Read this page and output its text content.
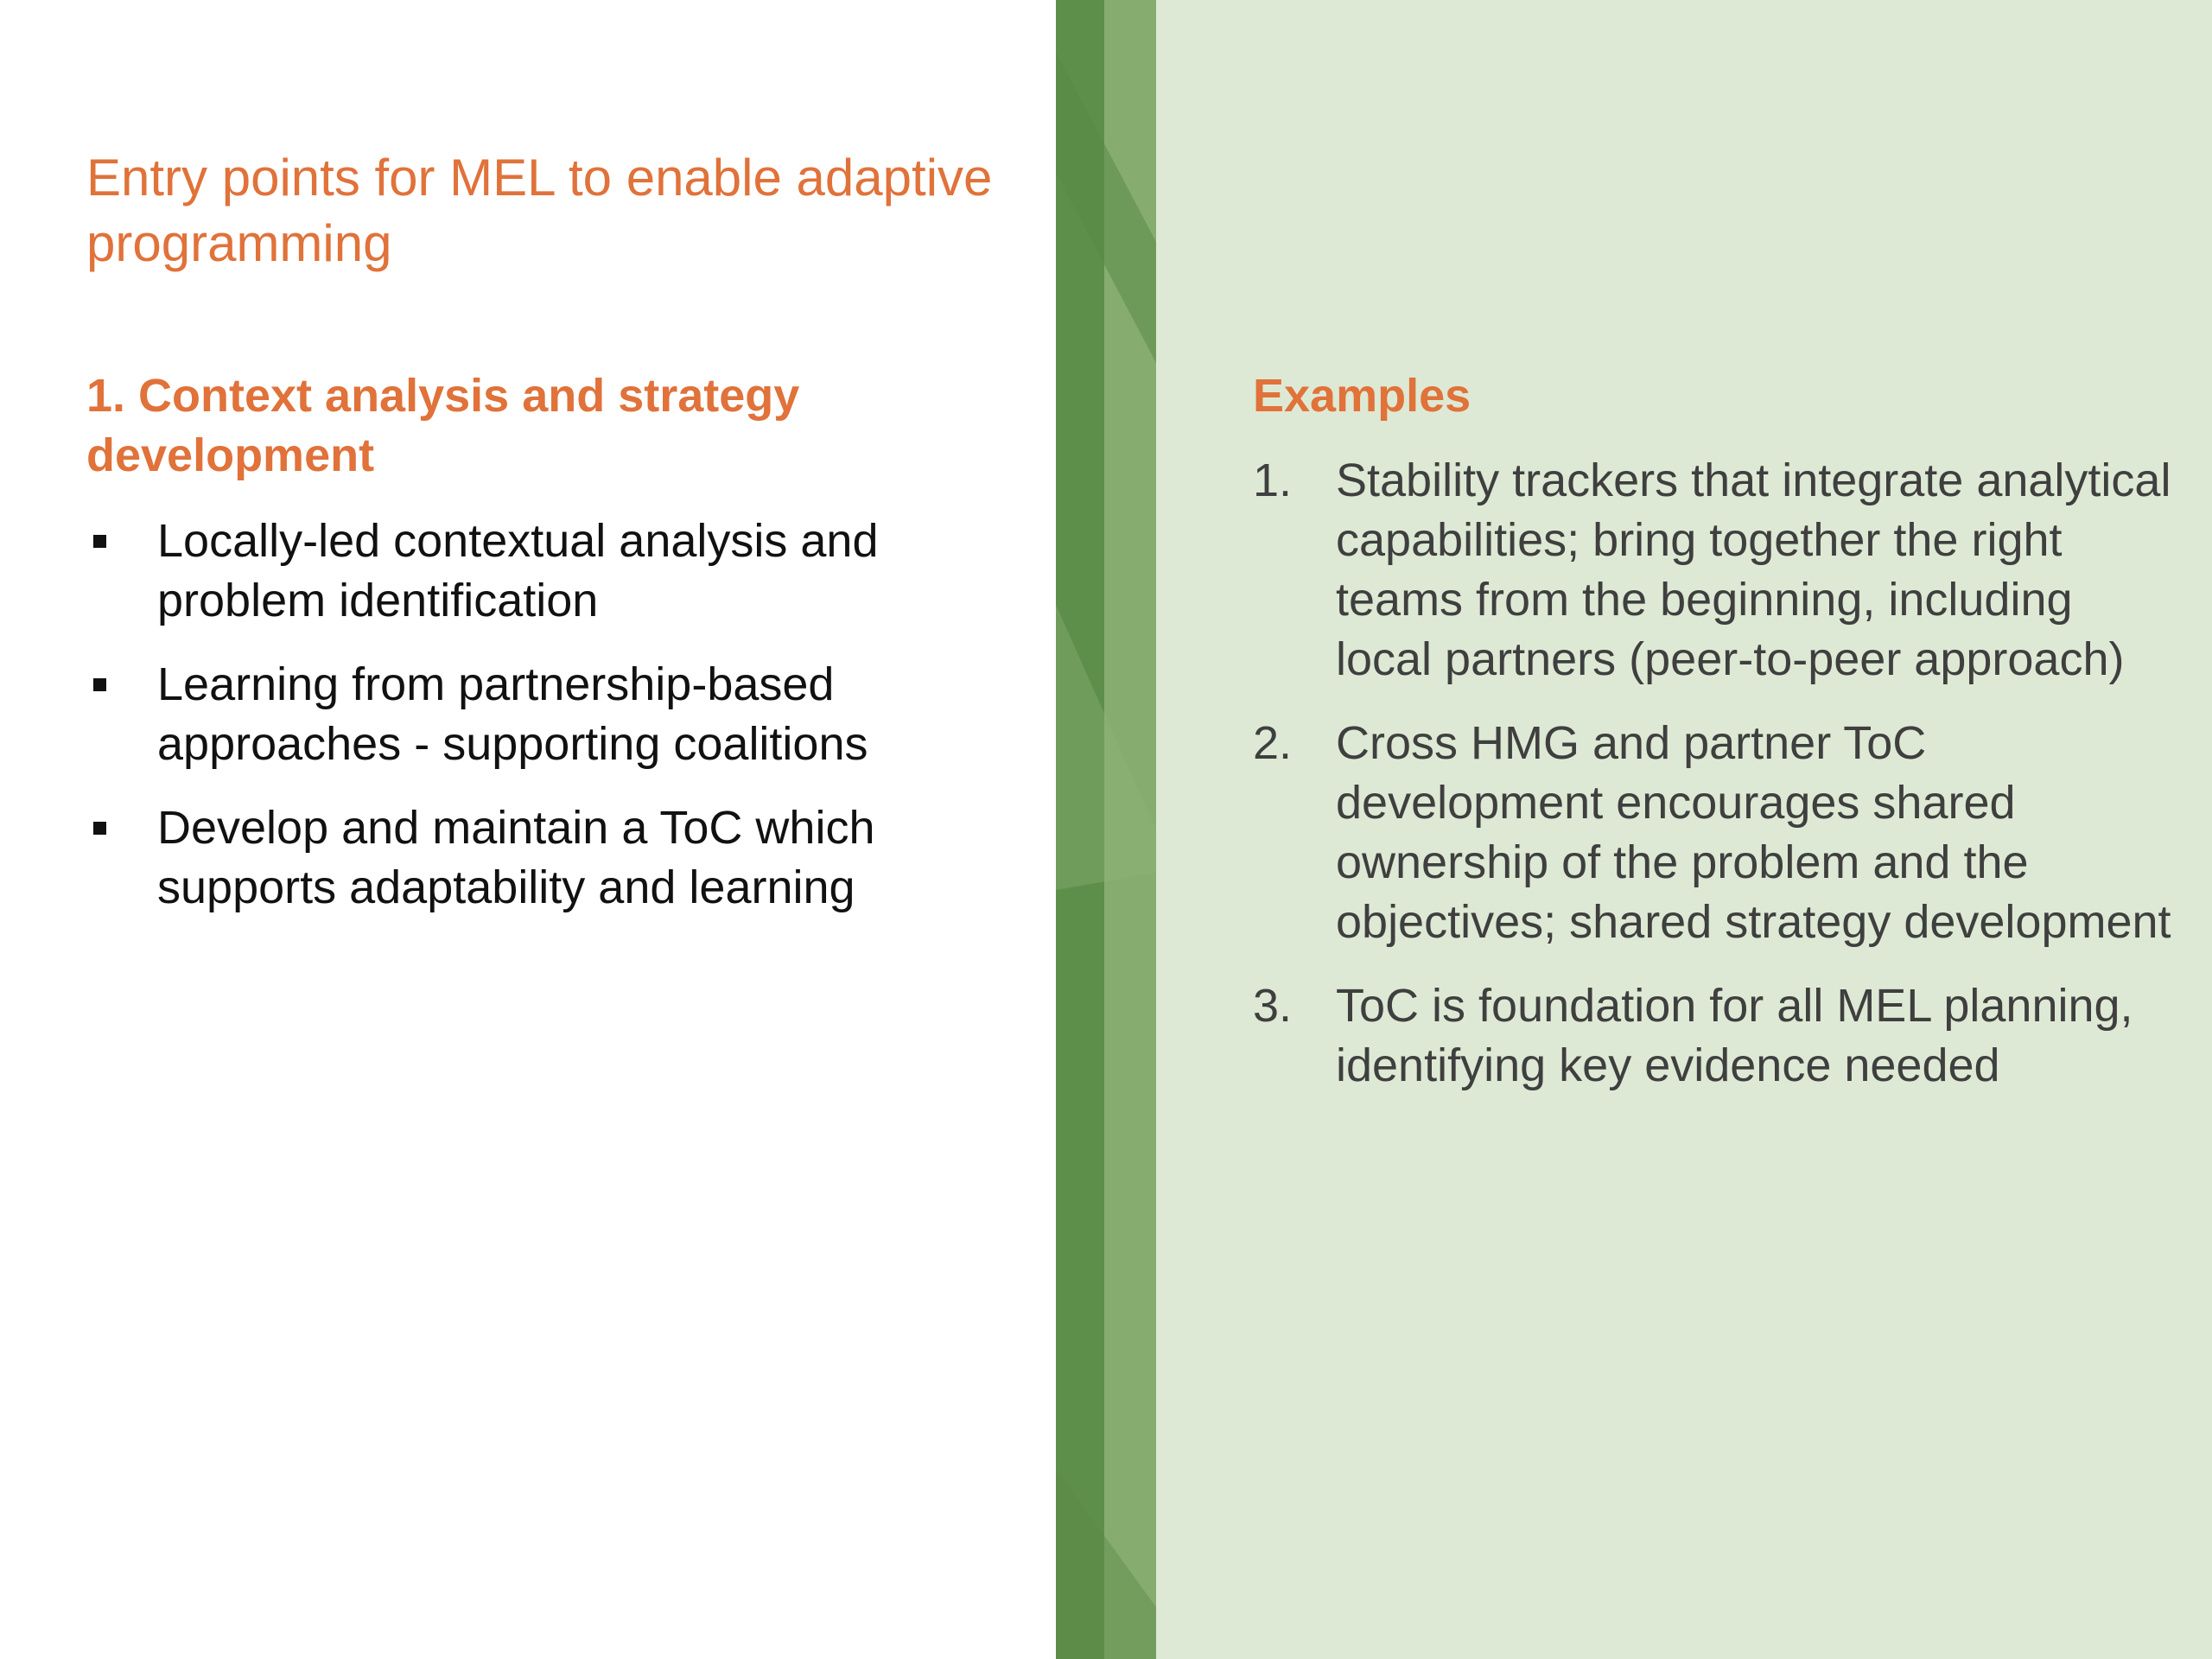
Entry points for MEL to enable adaptive programming
1. Context analysis and strategy development
Locally-led contextual analysis and problem identification
Learning from partnership-based approaches - supporting coalitions
Develop and maintain a ToC which supports adaptability and learning
Examples
1. Stability trackers that integrate analytical capabilities; bring together the right teams from the beginning, including local partners (peer-to-peer approach)
2. Cross HMG and partner ToC development encourages shared ownership of the problem and the objectives; shared strategy development
3. ToC is foundation for all MEL planning, identifying key evidence needed
